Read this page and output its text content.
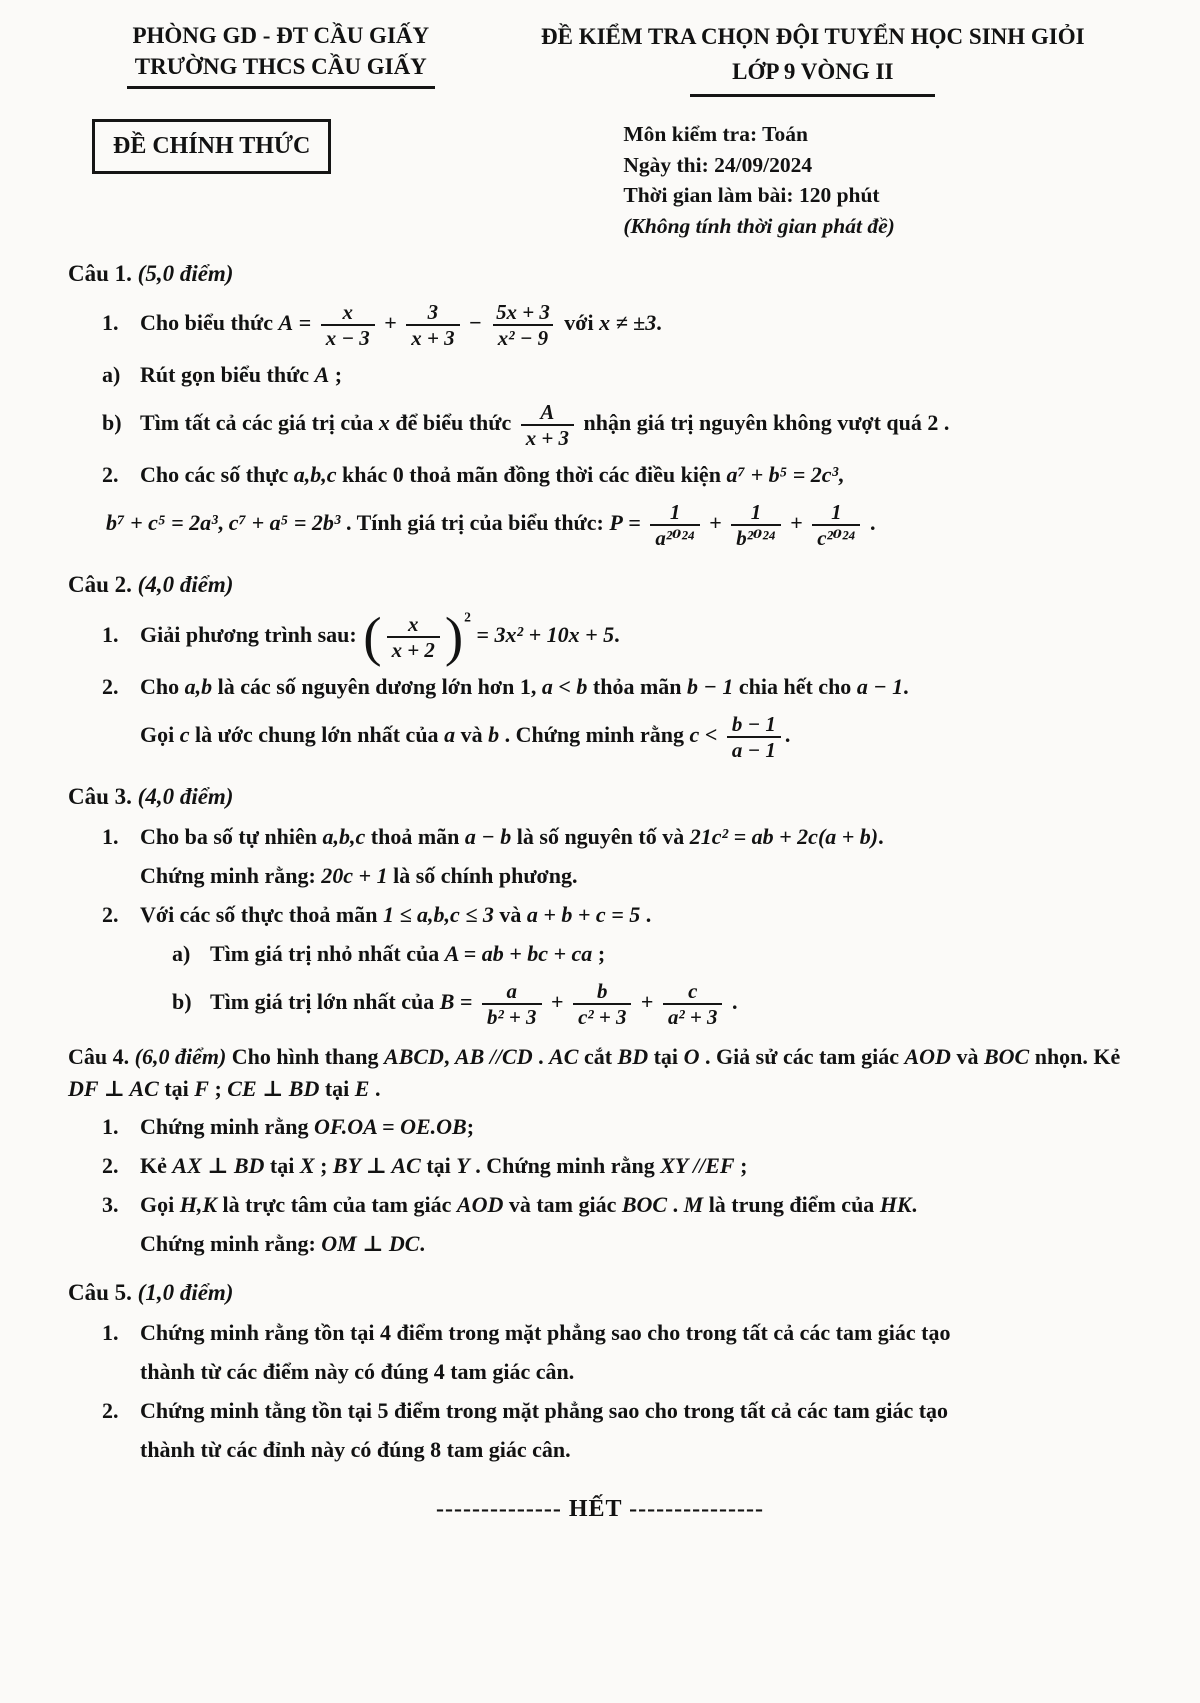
PHÒNG GD - ĐT CẦU GIẤY
TRƯỜNG THCS CẦU GIẤY
ĐỀ KIỂM TRA CHỌN ĐỘI TUYỂN HỌC SINH GIỎI
LỚP 9 VÒNG II
ĐỀ CHÍNH THỨC	Môn kiểm tra: Toán
Ngày thi: 24/09/2024
Thời gian làm bài: 120 phút
(Không tính thời gian phát đề)
Câu 1. (5,0 điểm)
1. Cho biểu thức $A = \frac{x}{x - 3} + \frac{3}{x + 3} - \frac{5x + 3}{\text{x² − 9}}$ với x ≠ ±3.
a) Rút gọn biểu thức A ;
b) Tìm tất cả các giá trị của x để biểu thức $\frac{A}{x + 3}$ nhận giá trị nguyên không vượt quá 2 .
2. Cho các số thực a,b,c khác 0 thoả mãn đồng thời các điều kiện a⁷ + b⁵ = 2c³,
b⁷ + c⁵ = 2a³, c⁷ + a⁵ = 2b³ . Tính giá trị của biểu thức: $P = \frac{1}{\text{a²⁰²⁴}} + \frac{1}{\text{b²⁰²⁴}} + \frac{1}{\text{c²⁰²⁴}}$ .
Câu 2. (4,0 điểm)
1. Giải phương trình sau: ( $\frac{x}{x + 2} )^2 = 3x^2 + 10x + 5$.
2. Cho a,b là các số nguyên dương lớn hơn 1, a < b thỏa mãn b − 1 chia hết cho a − 1.
Gọi c là ước chung lớn nhất của a và b . Chứng minh rằng $c < \frac{b - 1}{a - 1}$ .
Câu 3. (4,0 điểm)
1. Cho ba số tự nhiên a,b,c thoả mãn a − b là số nguyên tố và 21c² = ab + 2c(a + b).
Chứng minh rằng: 20c + 1 là số chính phương.
2. Với các số thực thoả mãn 1 ≤ a,b,c ≤ 3 và a + b + c = 5 .
a) Tìm giá trị nhỏ nhất của A = ab + bc + ca ;
b) Tìm giá trị lớn nhất của $B = \frac{a}{\text{b² + 3}} + \frac{b}{\text{c² + 3}} + \frac{c}{\text{a² + 3}}$ .
Câu 4. (6,0 điểm) Cho hình thang ABCD, AB //CD . AC cắt BD tại O . Giả sử các tam giác AOD và BOC nhọn. Kẻ DF ⊥ AC tại F ; CE ⊥ BD tại E .
1. Chứng minh rằng OF.OA = OE.OB;
2. Kẻ AX ⊥ BD tại X ; BY ⊥ AC tại Y . Chứng minh rằng XY //EF ;
3. Gọi H,K là trực tâm của tam giác AOD và tam giác BOC . M là trung điểm của HK.
Chứng minh rằng: OM ⊥ DC.
Câu 5. (1,0 điểm)
1. Chứng minh rằng tồn tại 4 điểm trong mặt phẳng sao cho trong tất cả các tam giác tạo
thành từ các điểm này có đúng 4 tam giác cân.
2. Chứng minh tằng tồn tại 5 điểm trong mặt phẳng sao cho trong tất cả các tam giác tạo
thành từ các đỉnh này có đúng 8 tam giác cân.
-------------- HẾT ---------------
